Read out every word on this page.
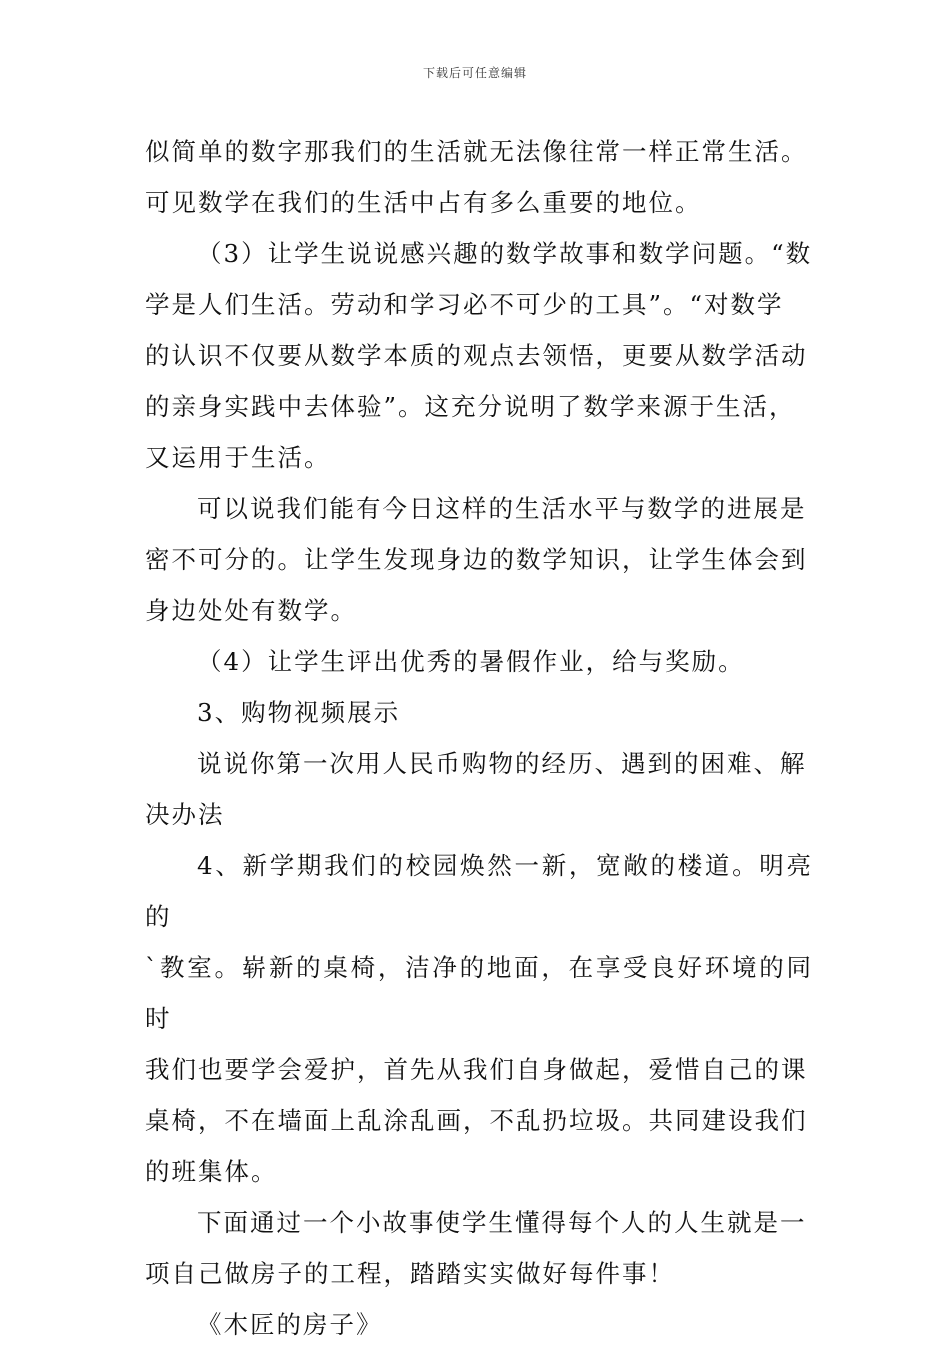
下载后可任意编辑

似简单的数字那我们的生活就无法像往常一样正常生活。
可见数学在我们的生活中占有多么重要的地位。

（3）让学生说说感兴趣的数学故事和数学问题。“数
学是人们生活。劳动和学习必不可少的工具”。“对数学
的认识不仅要从数学本质的观点去领悟，更要从数学活动
的亲身实践中去体验”。这充分说明了数学来源于生活，
又运用于生活。

可以说我们能有今日这样的生活水平与数学的进展是
密不可分的。让学生发现身边的数学知识，让学生体会到
身边处处有数学。

（4）让学生评出优秀的暑假作业，给与奖励。

3、购物视频展示

说说你第一次用人民币购物的经历、遇到的困难、解
决办法

4、新学期我们的校园焕然一新，宽敞的楼道。明亮的
`教室。崭新的桌椅，洁净的地面，在享受良好环境的同时
我们也要学会爱护，首先从我们自身做起，爱惜自己的课
桌椅，不在墙面上乱涂乱画，不乱扔垃圾。共同建设我们
的班集体。

下面通过一个小故事使学生懂得每个人的人生就是一
项自己做房子的工程，踏踏实实做好每件事！

《木匠的房子》
